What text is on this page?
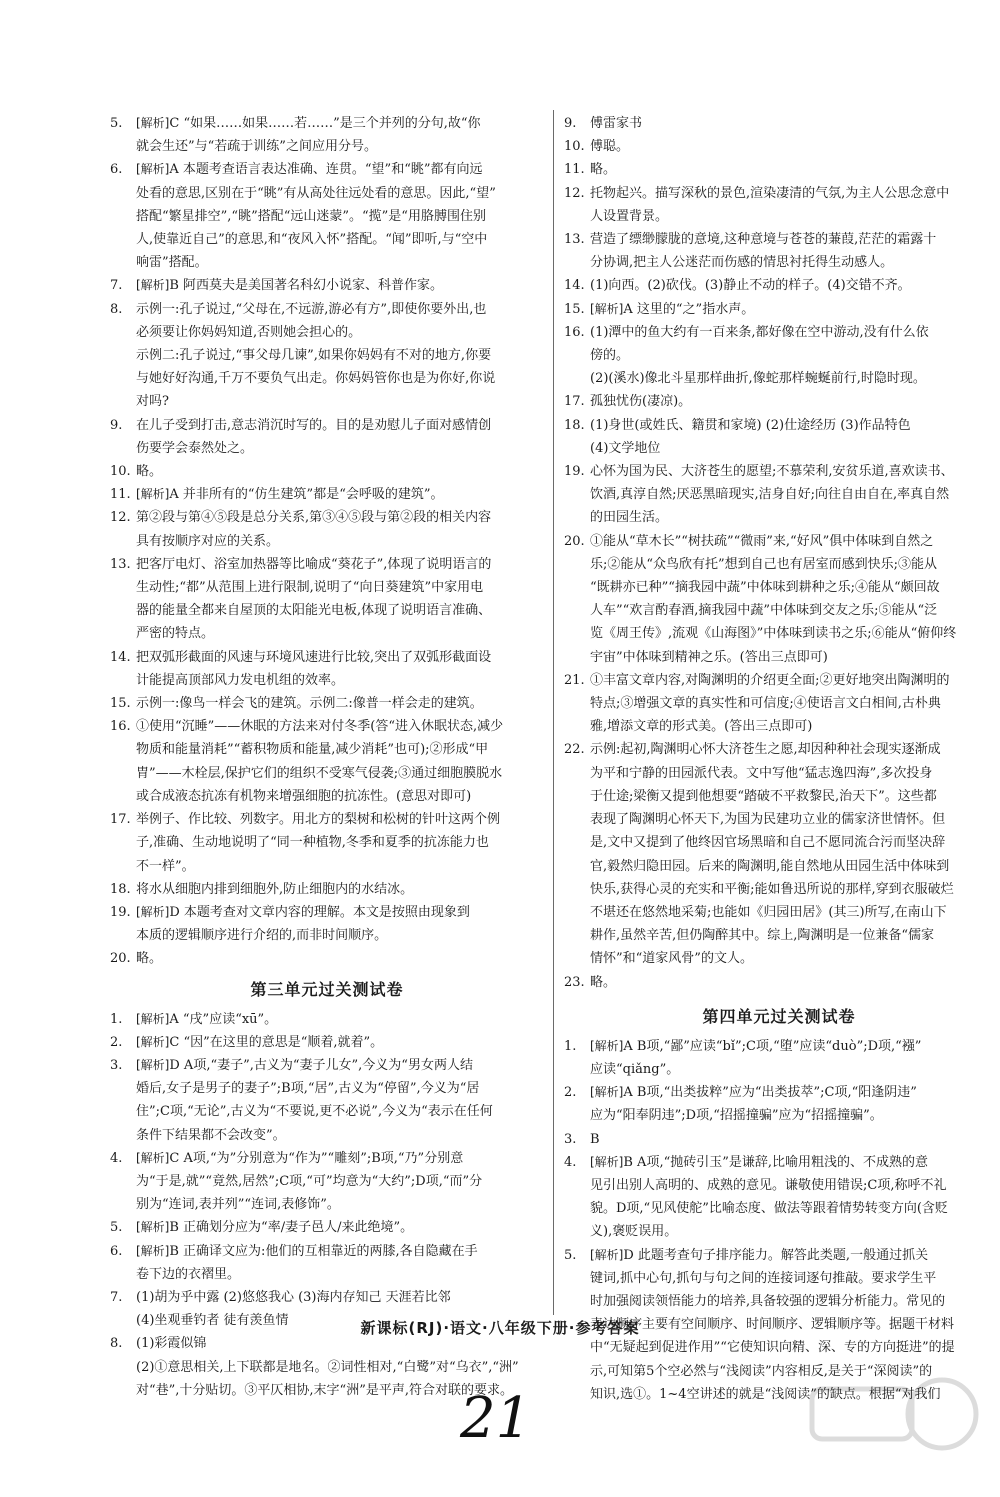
5.	[解析]C “如果……如果……若……”是三个并列的分句,故“你
就会生还”与“若疏于训练”之间应用分号。
6.	[解析]A 本题考查语言表达准确、连贯。“望”和“眺”都有向远
处看的意思,区别在于“眺”有从高处往远处看的意思。因此,“望”
搭配“繁星排空”,“眺”搭配“远山迷蒙”。“揽”是“用胳膊围住别
人,使靠近自己”的意思,和“夜风入怀”搭配。“闻”即听,与“空中
响雷”搭配。
7.	[解析]B 阿西莫夫是美国著名科幻小说家、科普作家。
8.	示例一:孔子说过,“父母在,不远游,游必有方”,即使你要外出,也
必须要让你妈妈知道,否则她会担心的。
示例二:孔子说过,“事父母几谏”,如果你妈妈有不对的地方,你要
与她好好沟通,千万不要负气出走。你妈妈管你也是为你好,你说
对吗?
9.	在儿子受到打击,意志消沉时写的。目的是劝慰儿子面对感情创
伤要学会泰然处之。
10. 略。
11. [解析]A 并非所有的“仿生建筑”都是“会呼吸的建筑”。
12. 第②段与第④⑤段是总分关系,第③④⑤段与第②段的相关内容
具有按顺序对应的关系。
13. 把客厅电灯、浴室加热器等比喻成“葵花子”,体现了说明语言的
生动性;“都”从范围上进行限制,说明了“向日葵建筑”中家用电
器的能量全都来自屋顶的太阳能光电板,体现了说明语言准确、
严密的特点。
14. 把双弧形截面的风速与环境风速进行比较,突出了双弧形截面设
计能提高顶部风力发电机组的效率。
15. 示例一:像鸟一样会飞的建筑。示例二:像普一样会走的建筑。
16. ①使用“沉睡”——休眠的方法来对付冬季(答“进入休眠状态,减少
物质和能量消耗”“蓄积物质和能量,减少消耗”也可);②形成“甲
胄”——木栓层,保护它们的组织不受寒气侵袭;③通过细胞膜脱水
或合成液态抗冻有机物来增强细胞的抗冻性。(意思对即可)
17. 举例子、作比较、列数字。用北方的梨树和松树的针叶这两个例
子,准确、生动地说明了“同一种植物,冬季和夏季的抗冻能力也
不一样”。
18. 将水从细胞内排到细胞外,防止细胞内的水结冰。
19. [解析]D 本题考查对文章内容的理解。本文是按照由现象到
本质的逻辑顺序进行介绍的,而非时间顺序。
20. 略。
第三单元过关测试卷
1.	[解析]A “戌”应读“xū”。
2.	[解析]C “因”在这里的意思是“顺着,就着”。
3.	[解析]D A项,“妻子”,古义为“妻子儿女”,今义为“男女两人结
婚后,女子是男子的妻子”;B项,“居”,古义为“停留”,今义为“居
住”;C项,“无论”,古义为“不要说,更不必说”,今义为“表示在任何
条件下结果都不会改变”。
4.	[解析]C A项,“为”分别意为“作为”“雕刻”;B项,“乃”分别意
为“于是,就”“竟然,居然”;C项,“可”均意为“大约”;D项,“而”分
别为“连词,表并列”“连词,表修饰”。
5.	[解析]B 正确划分应为“率/妻子邑人/来此绝境”。
6.	[解析]B 正确译文应为:他们的互相靠近的两膝,各自隐藏在手
卷下边的衣褶里。
7.	(1)胡为乎中露 (2)悠悠我心 (3)海内存知己 天涯若比邻
(4)坐观垂钓者 徒有羡鱼情
8.	(1)彩霞似锦
(2)①意思相关,上下联都是地名。②词性相对,“白鹭”对“乌衣”,“洲”
对“巷”,十分贴切。③平仄相协,末字“洲”是平声,符合对联的要求。
9.	傅雷家书
10. 傅聪。
11. 略。
12. 托物起兴。描写深秋的景色,渲染凄清的气氛,为主人公思念意中
人设置背景。
13. 营造了缥缈朦胧的意境,这种意境与苍苍的蒹葭,茫茫的霜露十
分协调,把主人公迷茫而伤感的情思衬托得生动感人。
14. (1)向西。(2)砍伐。(3)静止不动的样子。(4)交错不齐。
15. [解析]A 这里的“之”指水声。
16. (1)潭中的鱼大约有一百来条,都好像在空中游动,没有什么依
傍的。
(2)(溪水)像北斗星那样曲折,像蛇那样蜿蜒前行,时隐时现。
17. 孤独忧伤(凄凉)。
18. (1)身世(或姓氏、籍贯和家境) (2)仕途经历 (3)作品特色
(4)文学地位
19. 心怀为国为民、大济苍生的愿望;不慕荣利,安贫乐道,喜欢读书、
饮酒,真淳自然;厌恶黑暗现实,洁身自好;向往自由自在,率真自然
的田园生活。
20. ①能从“草木长”“树扶疏”“微雨”来,“好风”俱中体味到自然之
乐;②能从“众鸟欣有托”想到自己也有居室而感到快乐;③能从
“既耕亦已种”“摘我园中蔬”中体味到耕种之乐;④能从“颇回故
人车”“欢言酌春酒,摘我园中蔬”中体味到交友之乐;⑤能从“泛
览《周王传》,流观《山海图》”中体味到读书之乐;⑥能从“俯仰终
宇宙”中体味到精神之乐。(答出三点即可)
21. ①丰富文章内容,对陶渊明的介绍更全面;②更好地突出陶渊明的
特点;③增强文章的真实性和可信度;④使语言文白相间,古朴典
雅,增添文章的形式美。(答出三点即可)
22. 示例:起初,陶渊明心怀大济苍生之愿,却因种种社会现实逐渐成
为平和宁静的田园派代表。文中写他“猛志逸四海”,多次投身
于仕途;梁衡又提到他想要“踏破不平救黎民,治天下”。这些都
表现了陶渊明心怀天下,为国为民建功立业的儒家济世情怀。但
是,文中又提到了他终因官场黑暗和自己不愿同流合污而坚决辞
官,毅然归隐田园。后来的陶渊明,能自然地从田园生活中体味到
快乐,获得心灵的充实和平衡;能如鲁迅所说的那样,穿到衣服破烂
不堪还在悠然地采菊;也能如《归园田居》(其三)所写,在南山下
耕作,虽然辛苦,但仍陶醉其中。综上,陶渊明是一位兼备“儒家
情怀”和“道家风骨”的文人。
23. 略。
第四单元过关测试卷
1.	[解析]A B项,“鄙”应读“bǐ”;C项,“堕”应读“duò”;D项,“襁”
应读“qiǎng”。
2.	[解析]A B项,“出类拔粹”应为“出类拔萃”;C项,“阳逢阴违”
应为“阳奉阴违”;D项,“招摇撞骗”应为“招摇撞骗”。
3.	B
4.	[解析]B A项,“抛砖引玉”是谦辞,比喻用粗浅的、不成熟的意
见引出别人高明的、成熟的意见。谦敬使用错误;C项,称呼不礼
貌。D项,“见风使舵”比喻态度、做法等跟着情势转变方向(含贬
义),褒贬误用。
5.	[解析]D 此题考查句子排序能力。解答此类题,一般通过抓关
键词,抓中心句,抓句与句之间的连接词逐句推敲。要求学生平
时加强阅读领悟能力的培养,具备较强的逻辑分析能力。常见的
表达顺序主要有空间顺序、时间顺序、逻辑顺序等。据题干材料
中“无疑起到促进作用”“它使知识向精、深、专的方向挺进”的提
示,可知第5个空必然与“浅阅读”内容相反,是关于“深阅读”的
知识,选①。1~4空讲述的就是“浅阅读”的缺点。根据“对我们
新课标(RJ)·语文·八年级下册·参考答案
21
